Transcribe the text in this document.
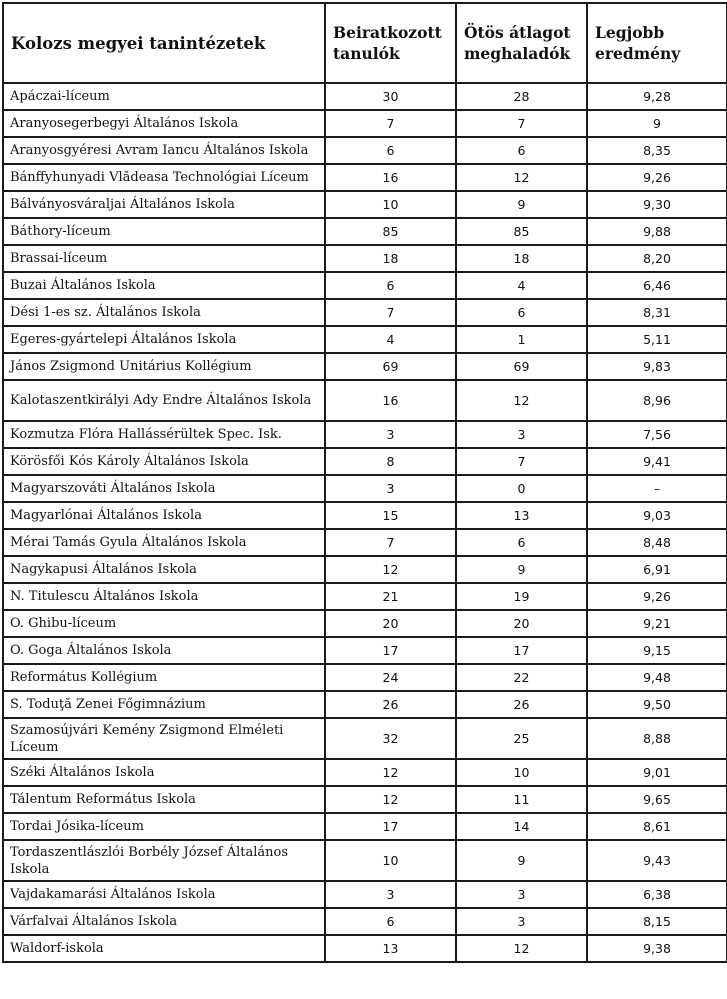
Kolozs megyei tanintézetek	Beiratkozott tanulók	Ötös átlagot meghaladók	Legjobb eredmény
Apáczai-líceum	30	28	9,28
Aranyosegerbegyi Általános Iskola	7	7	9
Aranyosgyéresi Avram Iancu Általános Iskola	6	6	8,35
Bánffyhunyadi Vlădeasa Technológiai Líceum	16	12	9,26
Bálványosváraljai Általános Iskola	10	9	9,30
Báthory-líceum	85	85	9,88
Brassai-líceum	18	18	8,20
Buzai Általános Iskola	6	4	6,46
Dési 1-es sz. Általános Iskola	7	6	8,31
Egeres-gyártelepi Általános Iskola	4	1	5,11
János Zsigmond Unitárius Kollégium	69	69	9,83
Kalotaszentkirályi Ady Endre Általános Iskola	16	12	8,96
Kozmutza Flóra Hallássérültek Spec. Isk.	3	3	7,56
Körösfői Kós Károly Általános Iskola	8	7	9,41
Magyarszováti Általános Iskola	3	0	–
Magyarlónai Általános Iskola	15	13	9,03
Mérai Tamás Gyula Általános Iskola	7	6	8,48
Nagykapusi Általános Iskola	12	9	6,91
N. Titulescu Általános Iskola	21	19	9,26
O. Ghibu-líceum	20	20	9,21
O. Goga Általános Iskola	17	17	9,15
Református Kollégium	24	22	9,48
S. Toduţă Zenei Főgimnázium	26	26	9,50
Szamosújvári Kemény Zsigmond Elméleti Líceum	32	25	8,88
Széki Általános Iskola	12	10	9,01
Tálentum Református Iskola	12	11	9,65
Tordai Jósika-líceum	17	14	8,61
Tordaszentlászlói Borbély József Általános Iskola	10	9	9,43
Vajdakamarási Általános Iskola	3	3	6,38
Várfalvai Általános Iskola	6	3	8,15
Waldorf-iskola	13	12	9,38
